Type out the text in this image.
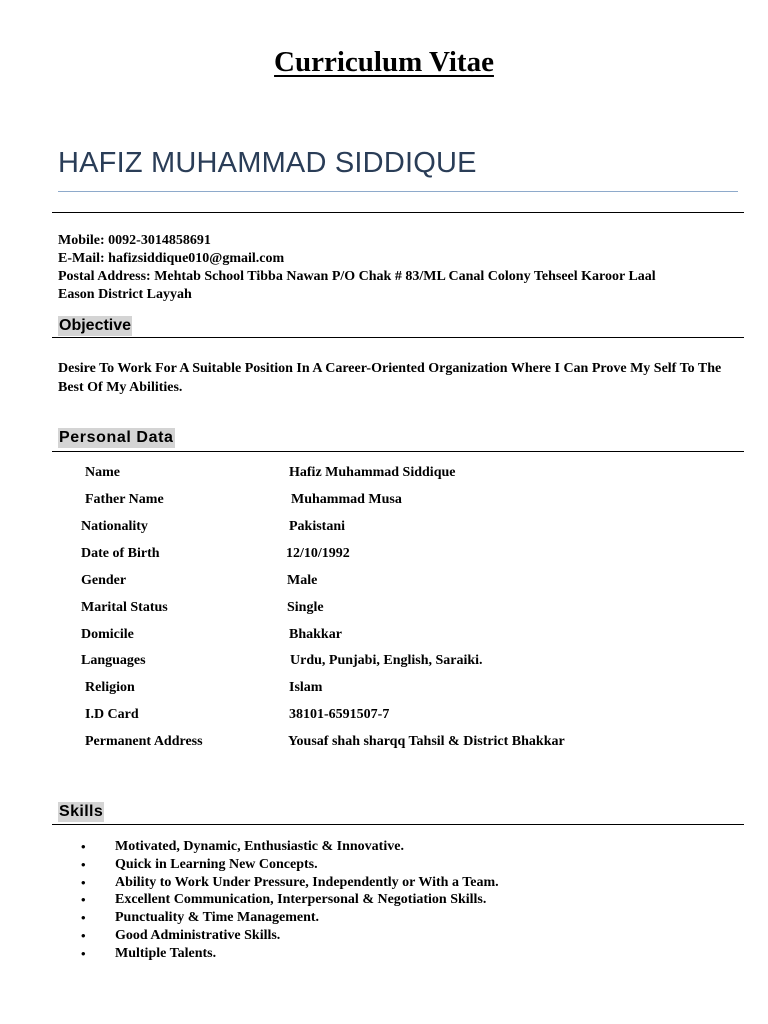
Curriculum Vitae
HAFIZ MUHAMMAD SIDDIQUE
Mobile: 0092-3014858691
E-Mail: hafizsiddique010@gmail.com
Postal Address: Mehtab School Tibba Nawan P/O Chak # 83/ML Canal Colony Tehseel Karoor Laal
Eason District Layyah
Objective
Desire To Work For A Suitable Position In A Career-Oriented Organization Where I Can Prove My Self To The Best Of My Abilities.
Personal Data
Name	Hafiz Muhammad Siddique
Father Name	Muhammad Musa
Nationality	Pakistani
Date of Birth	12/10/1992
Gender	Male
Marital Status	Single
Domicile	Bhakkar
Languages	Urdu, Punjabi, English, Saraiki.
Religion	Islam
I.D Card	38101-6591507-7
Permanent Address	Yousaf shah sharqq Tahsil & District Bhakkar
Skills
• Motivated, Dynamic, Enthusiastic & Innovative.
• Quick in Learning New Concepts.
• Ability to Work Under Pressure, Independently or With a Team.
• Excellent Communication, Interpersonal & Negotiation Skills.
• Punctuality & Time Management.
• Good Administrative Skills.
• Multiple Talents.
